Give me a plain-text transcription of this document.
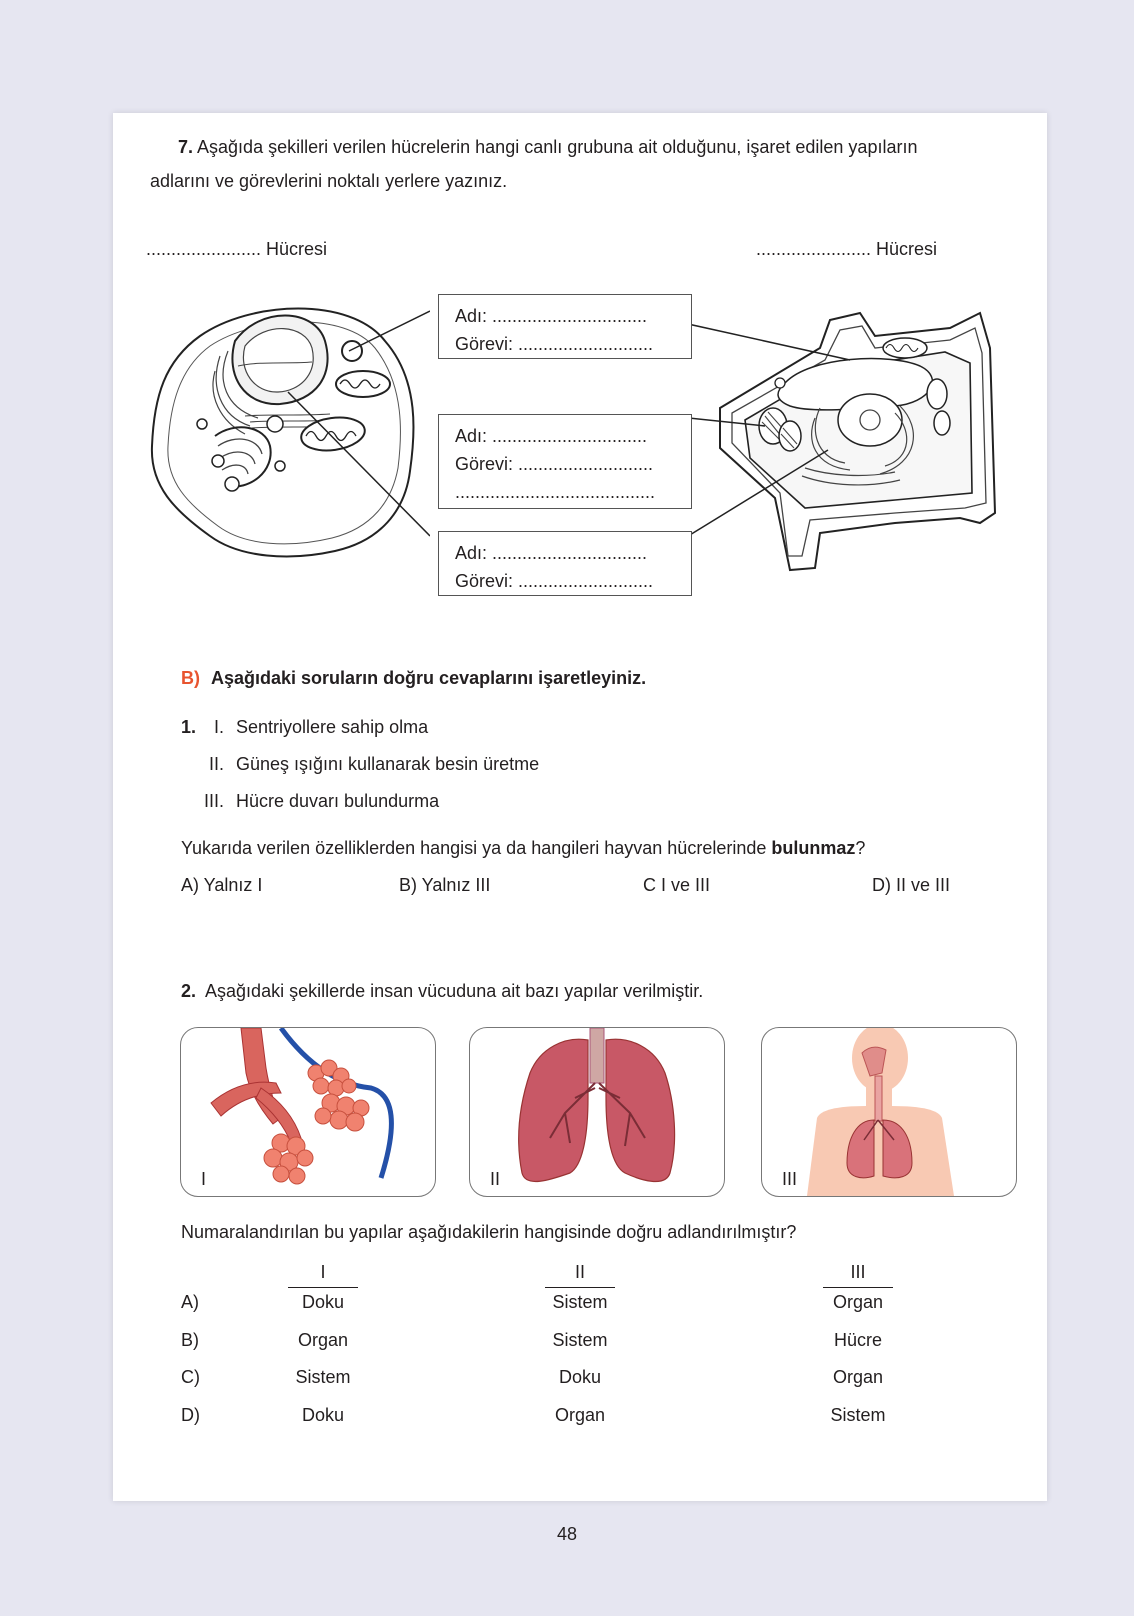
7. Aşağıda şekilleri verilen hücrelerin hangi canlı grubuna ait olduğunu, işaret edilen yapıların
adlarını ve görevlerini noktalı yerlere yazınız.
....................... Hücresi	....................... Hücresi
Adı: ...............................
Görevi: ...........................
Adı: ...............................
Görevi: ...........................
........................................
Adı: ...............................
Görevi: ...........................
B) Aşağıdaki soruların doğru cevaplarını işaretleyiniz.
1. I. Sentriyollere sahip olma
II. Güneş ışığını kullanarak besin üretme
III. Hücre duvarı bulundurma
Yukarıda verilen özelliklerden hangisi ya da hangileri hayvan hücrelerinde bulunmaz?
A) Yalnız I	B) Yalnız III	C I ve III	D) II ve III
2. Aşağıdaki şekillerde insan vücuduna ait bazı yapılar verilmiştir.
I	II	III
Numaralandırılan bu yapılar aşağıdakilerin hangisinde doğru adlandırılmıştır?
I	II	III
A)	Doku	Sistem	Organ
B)	Organ	Sistem	Hücre
C)	Sistem	Doku	Organ
D)	Doku	Organ	Sistem
48
